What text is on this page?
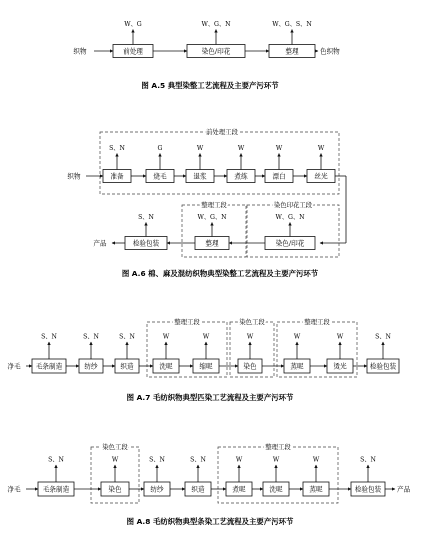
织物	前处理
W、G
染色/印花
W、G、N
整理
W、G、S、N
色织物
图 A.5 典型染整工艺流程及主要产污环节
前处理工段
织物	准备
S、N
烧毛
G
退浆
W
煮练
W
漂白
W
丝光
W
整理工段	染色印花工段
检验包装
S、N
整理
W、G、N
染色/印花
W、G、N
产品
图 A.6 棉、麻及混纺织物典型染整工艺流程及主要产污环节
整理工段	染色工段	整理工段
净毛 毛条制造
S、N
纺纱
S、N
织造
S、N
洗呢
W
缩呢
W
染色
W
蒸呢
W
烫光
W
检验包装
S、N
图 A.7 毛纺织物典型匹染工艺流程及主要产污环节
染色工段	整理工段
净毛	毛条制造
S、N
染色
W
纺纱
S、N
织造
S、N
煮呢
W
洗呢
W
蒸呢
W
检验包装
S、N
产品
图 A.8 毛纺织物典型条染工艺流程及主要产污环节
